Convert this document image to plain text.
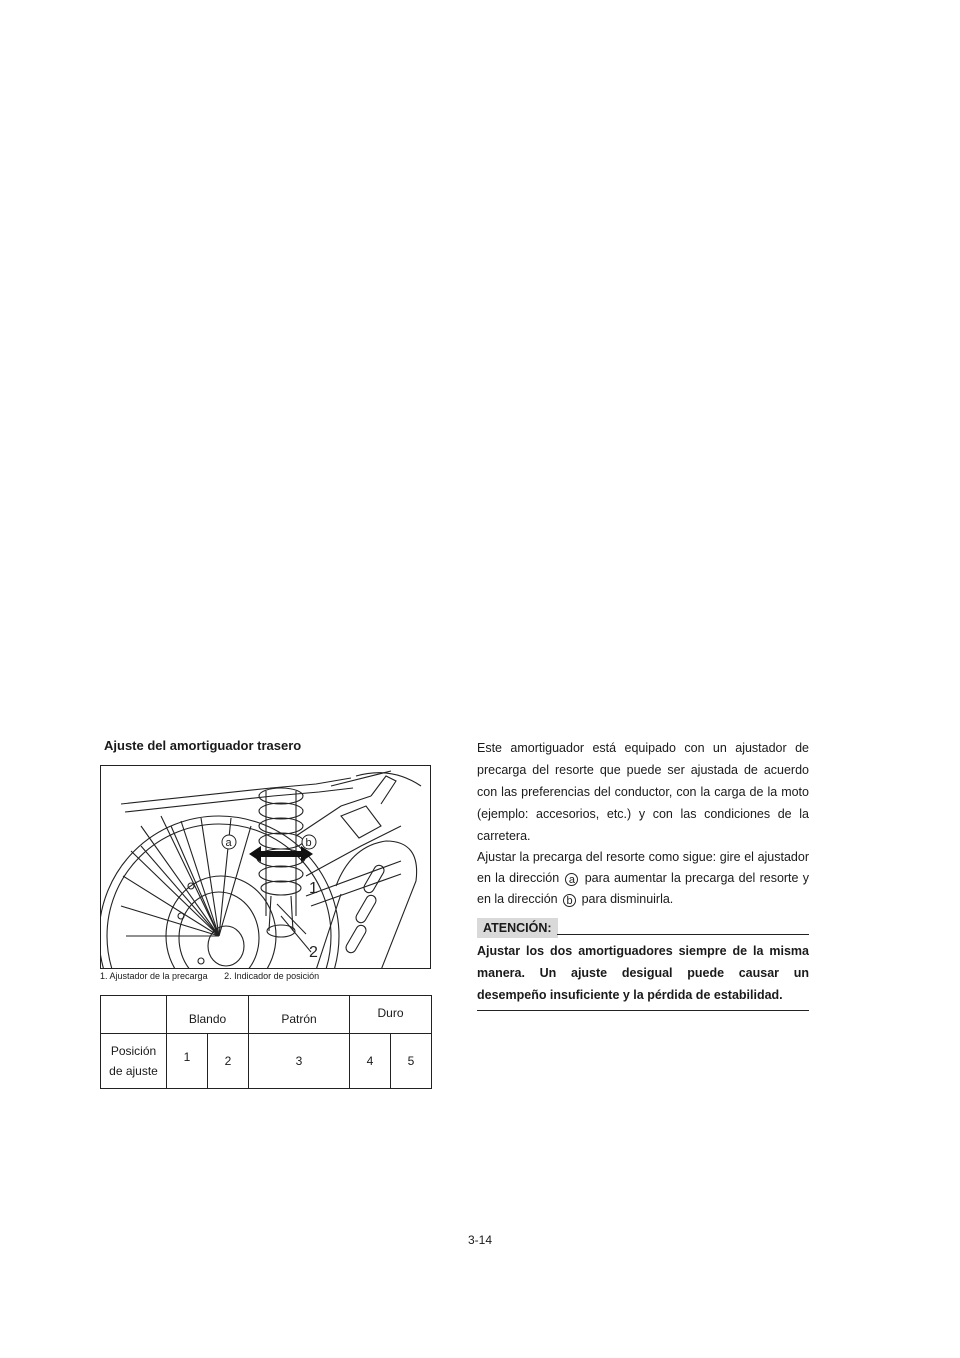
Ajuste del amortiguador trasero
a	b
1
2
1. Ajustador de la precarga 2. Indicador de posición
	Blando		Patrón	Duro	

Posición
de ajuste	1	2	3	4	5

Este amortiguador está equipado con un ajustador de precarga del resorte que puede ser ajustada de acuerdo con las preferencias del conductor, con la carga de la moto (ejemplo: accesorios, etc.) y con las condiciones de la carretera.

Ajustar la precarga del resorte como sigue: gire el ajustador en la dirección a para aumentar la precarga del resorte y en la dirección b para disminuirla.

ATENCIÓN:
Ajustar los dos amortiguadores siempre de la misma manera. Un ajuste desigual puede causar un desempeño insuficiente y la pérdida de estabilidad.
3-14
